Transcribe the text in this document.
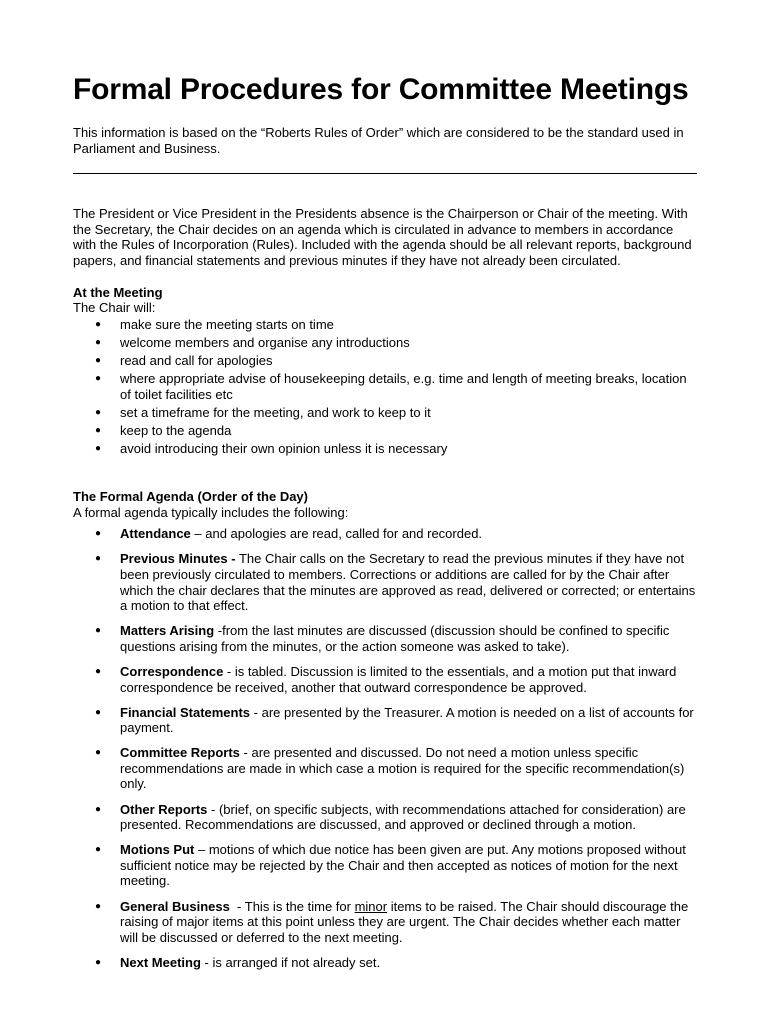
Formal Procedures for Committee Meetings

This information is based on the “Roberts Rules of Order” which are considered to be the standard used in Parliament and Business.

The President or Vice President in the Presidents absence is the Chairperson or Chair of the meeting. With the Secretary, the Chair decides on an agenda which is circulated in advance to members in accordance with the Rules of Incorporation (Rules). Included with the agenda should be all relevant reports, background papers, and financial statements and previous minutes if they have not already been circulated.

At the Meeting

The Chair will:

● make sure the meeting starts on time
● welcome members and organise any introductions
● read and call for apologies
● where appropriate advise of housekeeping details, e.g. time and length of meeting breaks, location of toilet facilities etc
● set a timeframe for the meeting, and work to keep to it
● keep to the agenda
● avoid introducing their own opinion unless it is necessary

The Formal Agenda (Order of the Day)

A formal agenda typically includes the following:

● Attendance – and apologies are read, called for and recorded.
● Previous Minutes - The Chair calls on the Secretary to read the previous minutes if they have not been previously circulated to members. Corrections or additions are called for by the Chair after which the chair declares that the minutes are approved as read, delivered or corrected; or entertains a motion to that effect.
● Matters Arising -from the last minutes are discussed (discussion should be confined to specific questions arising from the minutes, or the action someone was asked to take).
● Correspondence - is tabled. Discussion is limited to the essentials, and a motion put that inward correspondence be received, another that outward correspondence be approved.
● Financial Statements - are presented by the Treasurer. A motion is needed on a list of accounts for payment.
● Committee Reports - are presented and discussed. Do not need a motion unless specific recommendations are made in which case a motion is required for the specific recommendation(s) only.
● Other Reports - (brief, on specific subjects, with recommendations attached for consideration) are presented. Recommendations are discussed, and approved or declined through a motion.
● Motions Put – motions of which due notice has been given are put. Any motions proposed without sufficient notice may be rejected by the Chair and then accepted as notices of motion for the next meeting.
● General Business  - This is the time for minor items to be raised. The Chair should discourage the raising of major items at this point unless they are urgent. The Chair decides whether each matter will be discussed or deferred to the next meeting.
● Next Meeting - is arranged if not already set.
